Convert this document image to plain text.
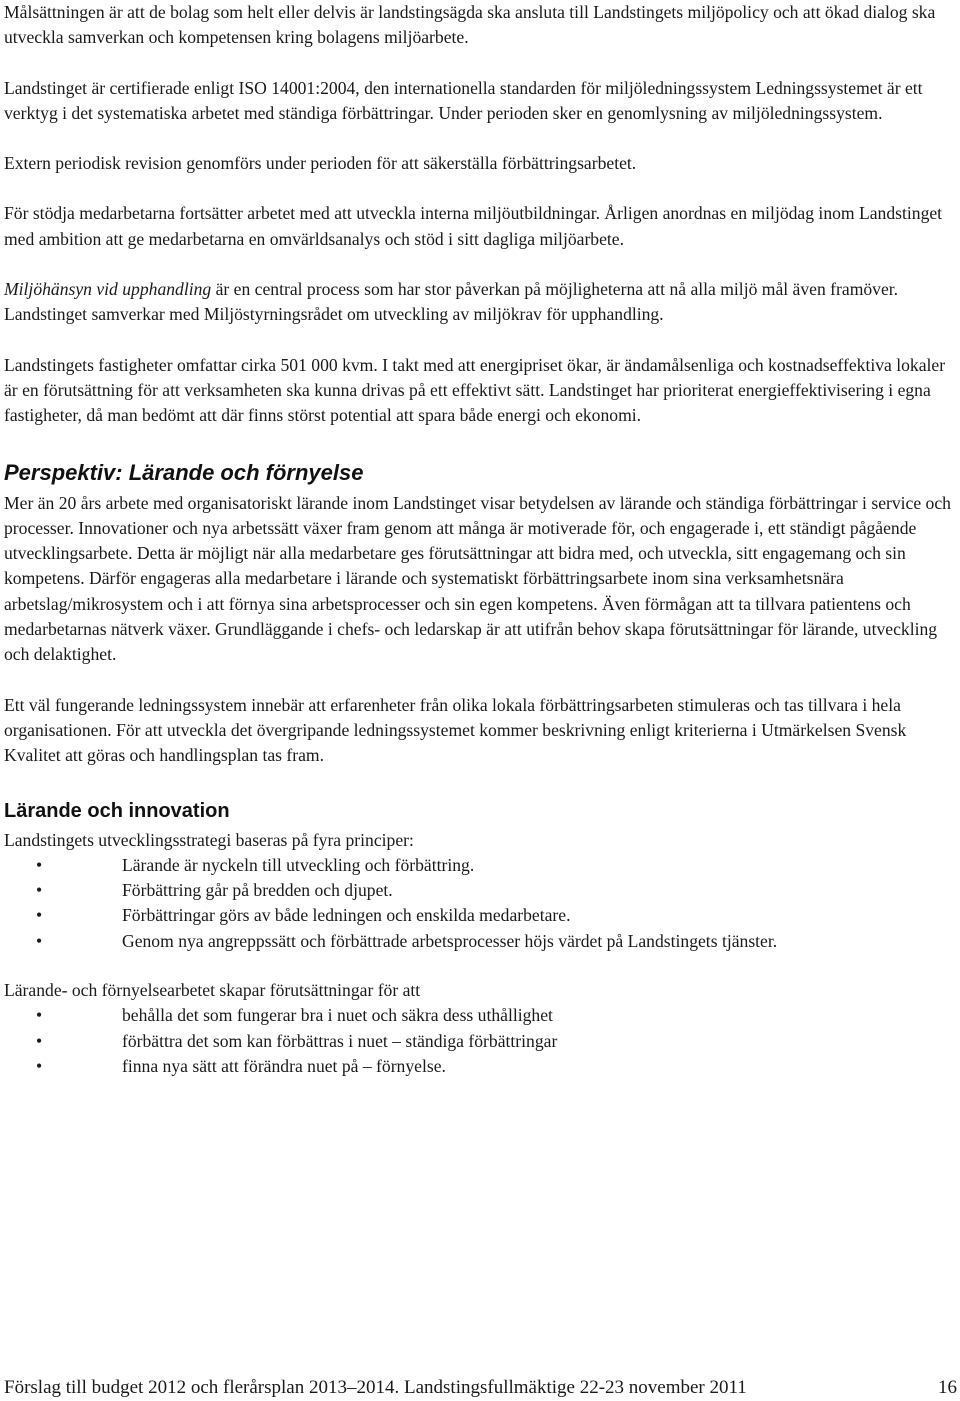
Målsättningen är att de bolag som helt eller delvis är landstingsägda ska ansluta till Landstingets miljöpolicy och att ökad dialog ska utveckla samverkan och kompetensen kring bolagens miljöarbete.

Landstinget är certifierade enligt ISO 14001:2004, den internationella standarden för miljöledningssystem Ledningssystemet är ett verktyg i det systematiska arbetet med ständiga förbättringar. Under perioden sker en genomlysning av miljöledningssystem.

Extern periodisk revision genomförs under perioden för att säkerställa förbättringsarbetet.

För stödja medarbetarna fortsätter arbetet med att utveckla interna miljöutbildningar. Årligen anordnas en miljödag inom Landstinget med ambition att ge medarbetarna en omvärldsanalys och stöd i sitt dagliga miljöarbete.

Miljöhänsyn vid upphandling är en central process som har stor påverkan på möjligheterna att nå alla miljö mål även framöver. Landstinget samverkar med Miljöstyrningsrådet om utveckling av miljökrav för upphandling.

Landstingets fastigheter omfattar cirka 501 000 kvm. I takt med att energipriset ökar, är ändamålsenliga och kostnadseffektiva lokaler är en förutsättning för att verksamheten ska kunna drivas på ett effektivt sätt. Landstinget har prioriterat energieffektivisering i egna fastigheter, då man bedömt att där finns störst potential att spara både energi och ekonomi.

Perspektiv: Lärande och förnyelse

Mer än 20 års arbete med organisatoriskt lärande inom Landstinget visar betydelsen av lärande och ständiga förbättringar i service och processer. Innovationer och nya arbetssätt växer fram genom att många är motiverade för, och engagerade i, ett ständigt pågående utvecklingsarbete. Detta är möjligt när alla medarbetare ges förutsättningar att bidra med, och utveckla, sitt engagemang och sin kompetens. Därför engageras alla medarbetare i lärande och systematiskt förbättringsarbete inom sina verksamhetsnära arbetslag/mikrosystem och i att förnya sina arbetsprocesser och sin egen kompetens. Även förmågan att ta tillvara patientens och medarbetarnas nätverk växer. Grundläggande i chefs- och ledarskap är att utifrån behov skapa förutsättningar för lärande, utveckling och delaktighet.

Ett väl fungerande ledningssystem innebär att erfarenheter från olika lokala förbättringsarbeten stimuleras och tas tillvara i hela organisationen. För att utveckla det övergripande ledningssystemet kommer beskrivning enligt kriterierna i Utmärkelsen Svensk Kvalitet att göras och handlingsplan tas fram.

Lärande och innovation

Landstingets utvecklingsstrategi baseras på fyra principer:

•	Lärande är nyckeln till utveckling och förbättring.
•	Förbättring går på bredden och djupet.
•	Förbättringar görs av både ledningen och enskilda medarbetare.
•	Genom nya angreppssätt och förbättrade arbetsprocesser höjs värdet på Landstingets tjänster.

Lärande- och förnyelsearbetet skapar förutsättningar för att

•	behålla det som fungerar bra i nuet och säkra dess uthållighet
•	förbättra det som kan förbättras i nuet – ständiga förbättringar
•	finna nya sätt att förändra nuet på – förnyelse.
Förslag till budget 2012 och flerårsplan 2013–2014. Landstingsfullmäktige 22-23 november 2011	16
